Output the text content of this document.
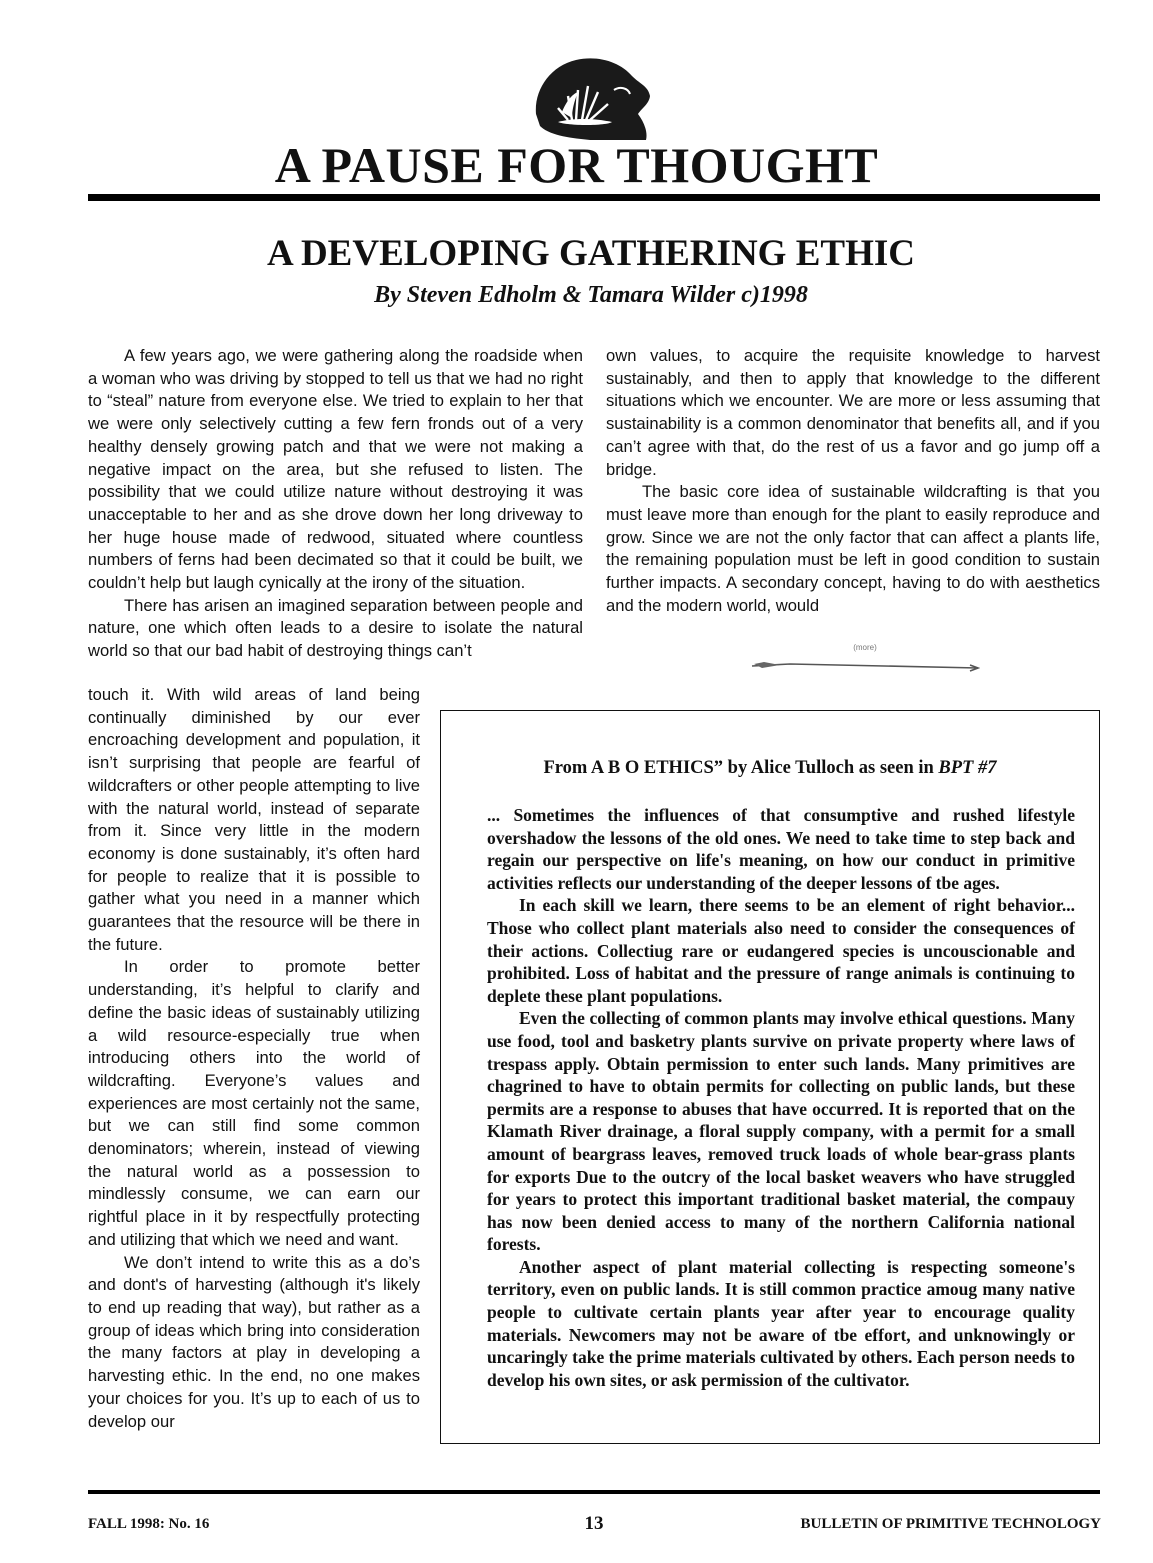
A PAUSE FOR THOUGHT
A DEVELOPING GATHERING ETHIC
By Steven Edholm & Tamara Wilder c)1998

A few years ago, we were gathering along the roadside when a woman who was driving by stopped to tell us that we had no right to “steal” nature from everyone else. We tried to explain to her that we were only selectively cutting a few fern fronds out of a very healthy densely growing patch and that we were not making a negative impact on the area, but she refused to listen. The possibility that we could utilize nature without destroying it was unacceptable to her and as she drove down her long driveway to her huge house made of redwood, situated where countless numbers of ferns had been decimated so that it could be built, we couldn’t help but laugh cynically at the irony of the situation.

There has arisen an imagined separation between people and nature, one which often leads to a desire to isolate the natural world so that our bad habit of destroying things can’t

touch it. With wild areas of land being continually diminished by our ever encroaching development and population, it isn’t surprising that people are fearful of wildcrafters or other people attempting to live with the natural world, instead of separate from it. Since very little in the modern economy is done sustainably, it’s often hard for people to realize that it is possible to gather what you need in a manner which guarantees that the resource will be there in the future.

In order to promote better understanding, it’s helpful to clarify and define the basic ideas of sustainably utilizing a wild resource-especially true when introducing others into the world of wildcrafting. Everyone’s values and experiences are most certainly not the same, but we can still find some common denominators; wherein, instead of viewing the natural world as a possession to mindlessly consume, we can earn our rightful place in it by respectfully protecting and utilizing that which we need and want.

We don’t intend to write this as a do’s and dont's of harvesting (although it's likely to end up reading that way), but rather as a group of ideas which bring into consideration the many factors at play in developing a harvesting ethic. In the end, no one makes your choices for you. It’s up to each of us to develop our

own values, to acquire the requisite knowledge to harvest sustainably, and then to apply that knowledge to the different situations which we encounter. We are more or less assuming that sustainability is a common denominator that benefits all, and if you can’t agree with that, do the rest of us a favor and go jump off a bridge.

The basic core idea of sustainable wildcrafting is that you must leave more than enough for the plant to easily reproduce and grow. Since we are not the only factor that can affect a plants life, the remaining population must be left in good condition to sustain further impacts. A secondary concept, having to do with aesthetics and the modern world, would

(more)
From A B O ETHICS” by Alice Tulloch as seen in BPT #7

... Sometimes the influences of that consumptive and rushed lifestyle overshadow the lessons of the old ones. We need to take time to step back and regain our perspective on life's meaning, on how our conduct in primitive activities reflects our understanding of the deeper lessons of tbe ages.

In each skill we learn, there seems to be an element of right behavior... Those who collect plant materials also need to consider the consequences of their actions. Collectiug rare or eudangered species is uncouscionable and prohibited. Loss of habitat and the pressure of range animals is continuing to deplete these plant populations.

Even the collecting of common plants may involve ethical questions. Many use food, tool and basketry plants survive on private property where laws of trespass apply. Obtain permission to enter such lands. Many primitives are chagrined to have to obtain permits for collecting on public lands, but these permits are a response to abuses that have occurred. It is reported that on the Klamath River drainage, a floral supply company, with a permit for a small amount of beargrass leaves, removed truck loads of whole bear-grass plants for exports Due to the outcry of the local basket weavers who have struggled for years to protect this important traditional basket material, the compauy has now been denied access to many of the northern California national forests.

Another aspect of plant material collecting is respecting someone's territory, even on public lands. It is still common practice amoug many native people to cultivate certain plants year after year to encourage quality materials. Newcomers may not be aware of tbe effort, and unknowingly or uncaringly take the prime materials cultivated by others. Each person needs to develop his own sites, or ask permission of the cultivator.

FALL 1998: No. 16	13	BULLETIN OF PRIMITIVE TECHNOLOGY
